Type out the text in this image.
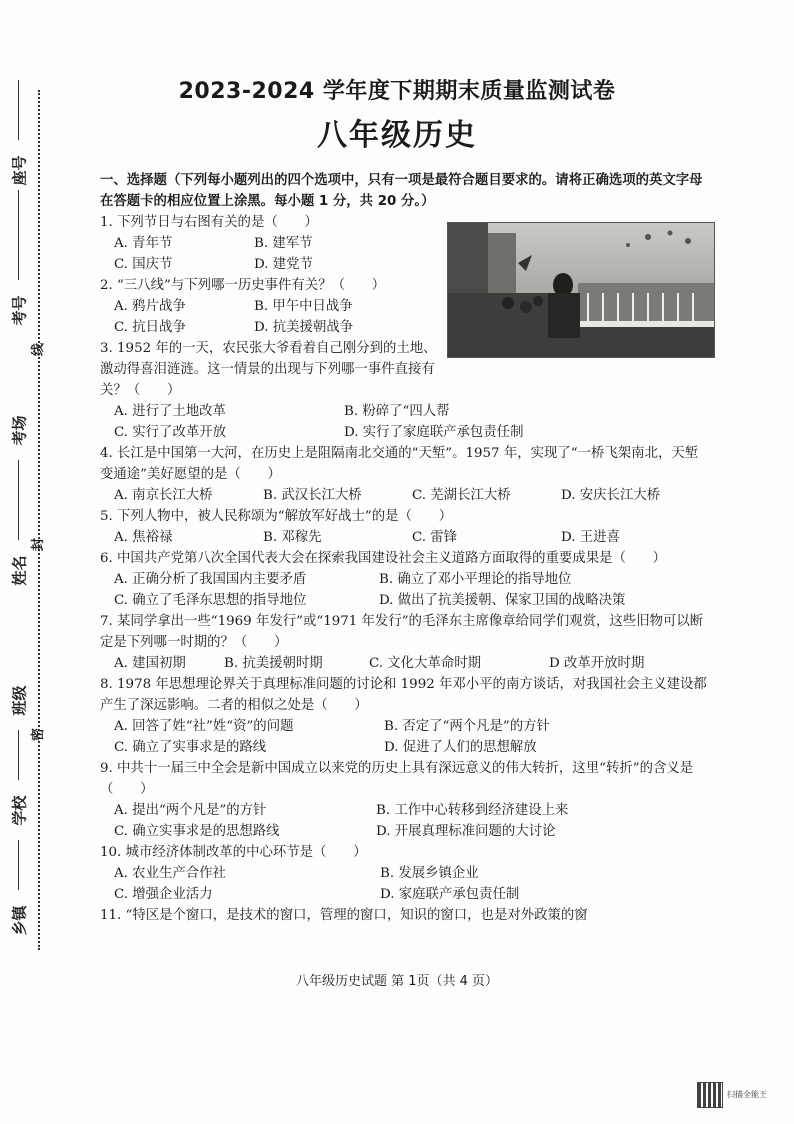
座号
考号
考场
线
姓名
封
班级
密
学校
乡镇
2023-2024 学年度下期期末质量监测试卷
八年级历史
一、选择题（下列每小题列出的四个选项中，只有一项是最符合题目要求的。请将正确选项的英文字母在答题卡的相应位置上涂黑。每小题 1 分，共 20 分。）

1. 下列节日与右图有关的是（　　）

A. 青年节	B. 建军节
C. 国庆节	D. 建党节

2. “三八线”与下列哪一历史事件有关？（　　）

A. 鸦片战争	B. 甲午中日战争
C. 抗日战争	D. 抗美援朝战争

3. 1952 年的一天，农民张大爷看着自己刚分到的土地、激动得喜泪涟涟。这一情景的出现与下列哪一事件直接有关？（　　）

A. 进行了土地改革	B. 粉碎了“四人帮
C. 实行了改革开放	D. 实行了家庭联产承包责任制

4. 长江是中国第一大河，在历史上是阻隔南北交通的“天堑”。1957 年，实现了“一桥飞架南北，天堑变通途”美好愿望的是（　　）

A. 南京长江大桥	B. 武汉长江大桥	C. 芜湖长江大桥	D. 安庆长江大桥

5. 下列人物中，被人民称颂为“解放军好战士”的是（　　）

A. 焦裕禄	B. 邓稼先	C. 雷锋	D. 王进喜

6. 中国共产党第八次全国代表大会在探索我国建设社会主义道路方面取得的重要成果是（　　）

A. 正确分析了我国国内主要矛盾	B. 确立了邓小平理论的指导地位
C. 确立了毛泽东思想的指导地位	D. 做出了抗美援朝、保家卫国的战略决策

7. 某同学拿出一些“1969 年发行”或“1971 年发行”的毛泽东主席像章给同学们观赏，这些旧物可以断定是下列哪一时期的？（　　）

A. 建国初期	B. 抗美援朝时期	C. 文化大革命时期	D 改革开放时期

8. 1978 年思想理论界关于真理标准问题的讨论和 1992 年邓小平的南方谈话，对我国社会主义建设都产生了深远影响。二者的相似之处是（　　）

A. 回答了姓“社”姓“资”的问题	B. 否定了“两个凡是”的方针
C. 确立了实事求是的路线	D. 促进了人们的思想解放

9. 中共十一届三中全会是新中国成立以来党的历史上具有深远意义的伟大转折，这里“转折”的含义是（　　）

A. 提出“两个凡是”的方针	B. 工作中心转移到经济建设上来
C. 确立实事求是的思想路线	D. 开展真理标准问题的大讨论

10. 城市经济体制改革的中心环节是（　　）

A. 农业生产合作社	B. 发展乡镇企业
C. 增强企业活力	D. 家庭联产承包责任制

11. “特区是个窗口，是技术的窗口，管理的窗口，知识的窗口，也是对外政策的窗

八年级历史试题 第 1页（共 4 页）
扫描全能王
